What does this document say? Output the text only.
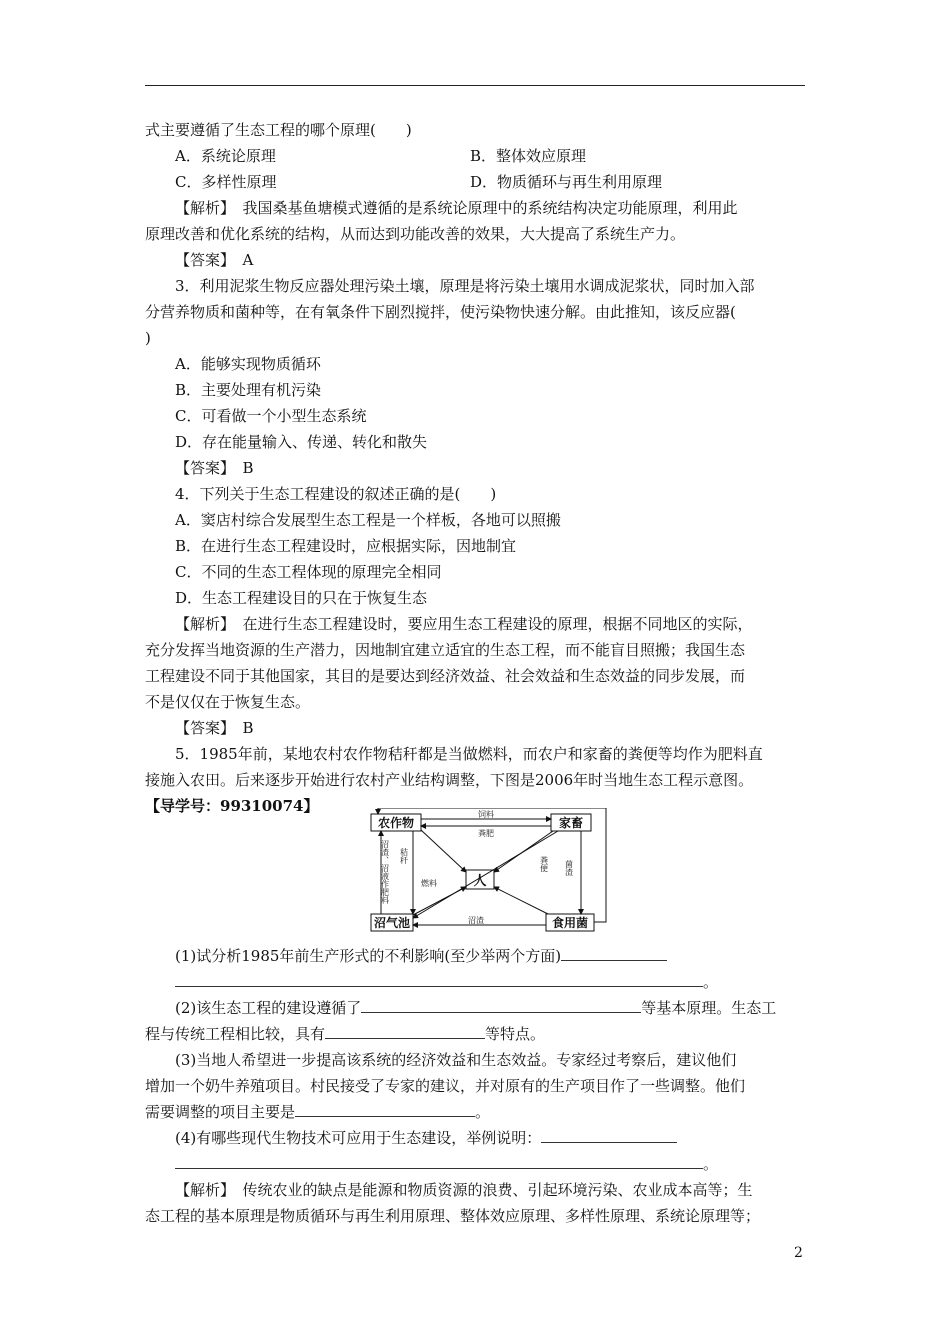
式主要遵循了生态工程的哪个原理(　　)
A．系统论原理	B．整体效应原理
C．多样性原理	D．物质循环与再生利用原理
【解析】　我国桑基鱼塘模式遵循的是系统论原理中的系统结构决定功能原理，利用此
原理改善和优化系统的结构，从而达到功能改善的效果，大大提高了系统生产力。
【答案】　A
3．利用泥浆生物反应器处理污染土壤，原理是将污染土壤用水调成泥浆状，同时加入部
分营养物质和菌种等，在有氧条件下剧烈搅拌，使污染物快速分解。由此推知，该反应器(
)
A．能够实现物质循环
B．主要处理有机污染
C．可看做一个小型生态系统
D．存在能量输入、传递、转化和散失
【答案】　B
4．下列关于生态工程建设的叙述正确的是(　　)
A．窦店村综合发展型生态工程是一个样板，各地可以照搬
B．在进行生态工程建设时，应根据实际，因地制宜
C．不同的生态工程体现的原理完全相同
D．生态工程建设目的只在于恢复生态
【解析】　在进行生态工程建设时，要应用生态工程建设的原理，根据不同地区的实际，
充分发挥当地资源的生产潜力，因地制宜建立适宜的生态工程，而不能盲目照搬；我国生态
工程建设不同于其他国家，其目的是要达到经济效益、社会效益和生态效益的同步发展，而
不是仅仅在于恢复生态。
【答案】　B
5．1985年前，某地农村农作物秸秆都是当做燃料，而农户和家畜的粪便等均作为肥料直
接施入农田。后来逐步开始进行农村产业结构调整，下图是2006年时当地生态工程示意图。
【导学号：99310074】
农作物	家畜
人
沼气池	食用菌
饲料
粪肥
燃料
沼渣
沼渣、沼液作肥料 秸秆	粪便 菌渣
(1)试分析1985年前生产形式的不利影响(至少举两个方面)
。
(2)该生态工程的建设遵循了	等基本原理。生态工
程与传统工程相比较，具有	等特点。
(3)当地人希望进一步提高该系统的经济效益和生态效益。专家经过考察后，建议他们
增加一个奶牛养殖项目。村民接受了专家的建议，并对原有的生产项目作了一些调整。他们
需要调整的项目主要是	。
(4)有哪些现代生物技术可应用于生态建设，举例说明：
。
【解析】　传统农业的缺点是能源和物质资源的浪费、引起环境污染、农业成本高等；生
态工程的基本原理是物质循环与再生利用原理、整体效应原理、多样性原理、系统论原理等；
2
